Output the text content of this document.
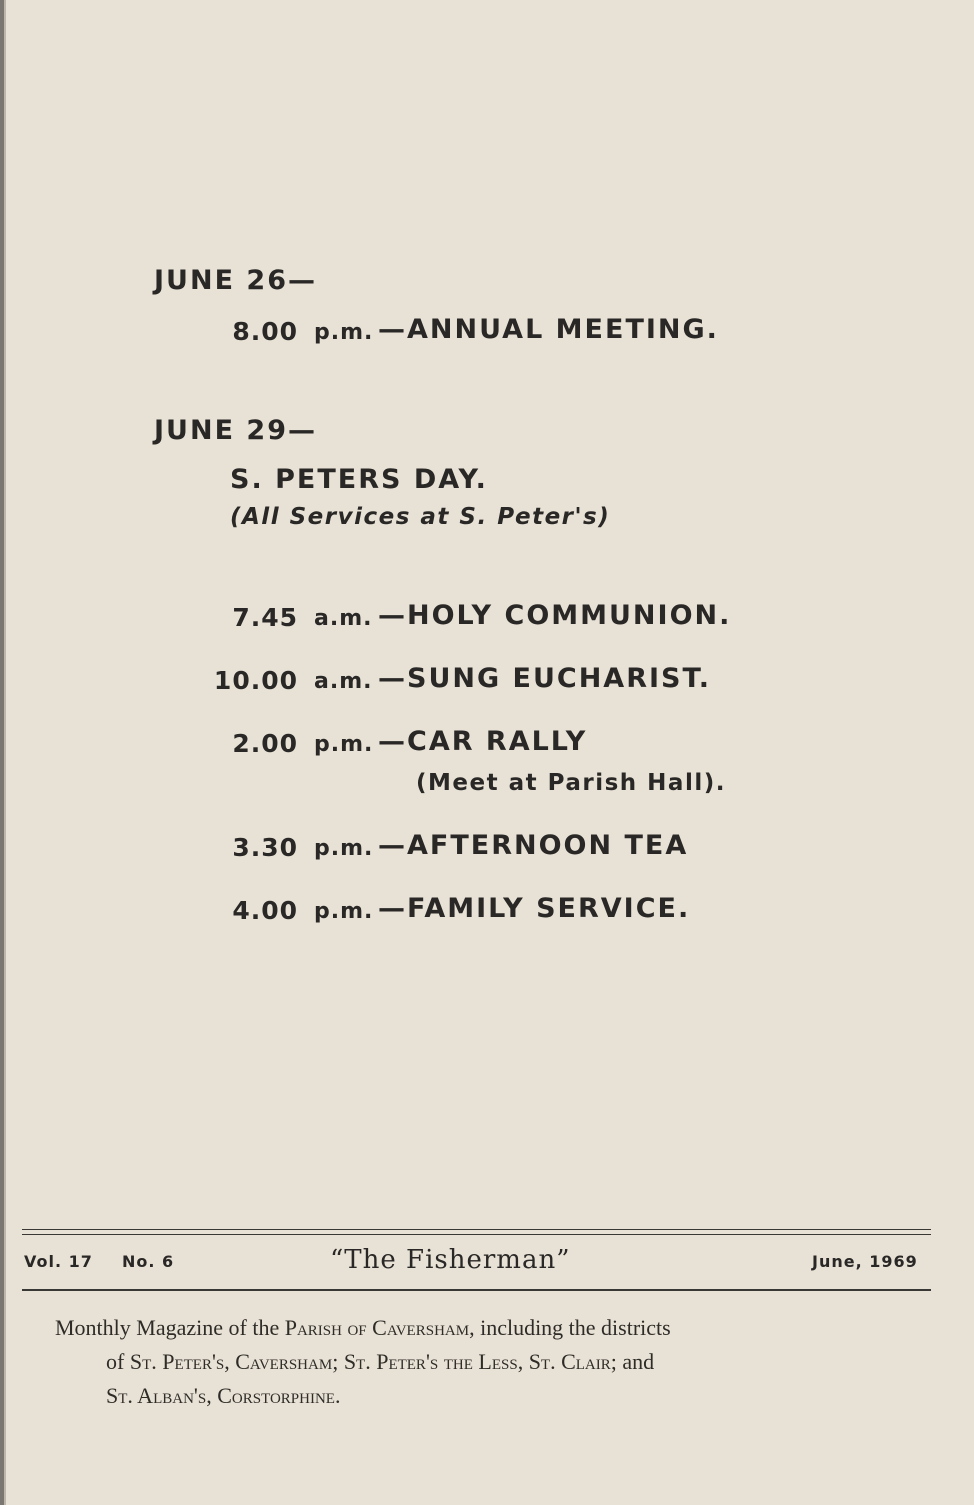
JUNE 26—
8.00 p.m. —ANNUAL MEETING.
JUNE 29—
S. PETERS DAY.
(All Services at S. Peter's)
7.45 a.m. —HOLY COMMUNION.
10.00 a.m. —SUNG EUCHARIST.
2.00 p.m. —CAR RALLY
(Meet at Parish Hall).
3.30 p.m. —AFTERNOON TEA
4.00 p.m. —FAMILY SERVICE.
Vol. 17 No. 6	“The Fisherman”	June, 1969
Monthly Magazine of the Parish of Caversham, including the districts
of St. Peter's, Caversham; St. Peter's the Less, St. Clair; and
St. Alban's, Corstorphine.
